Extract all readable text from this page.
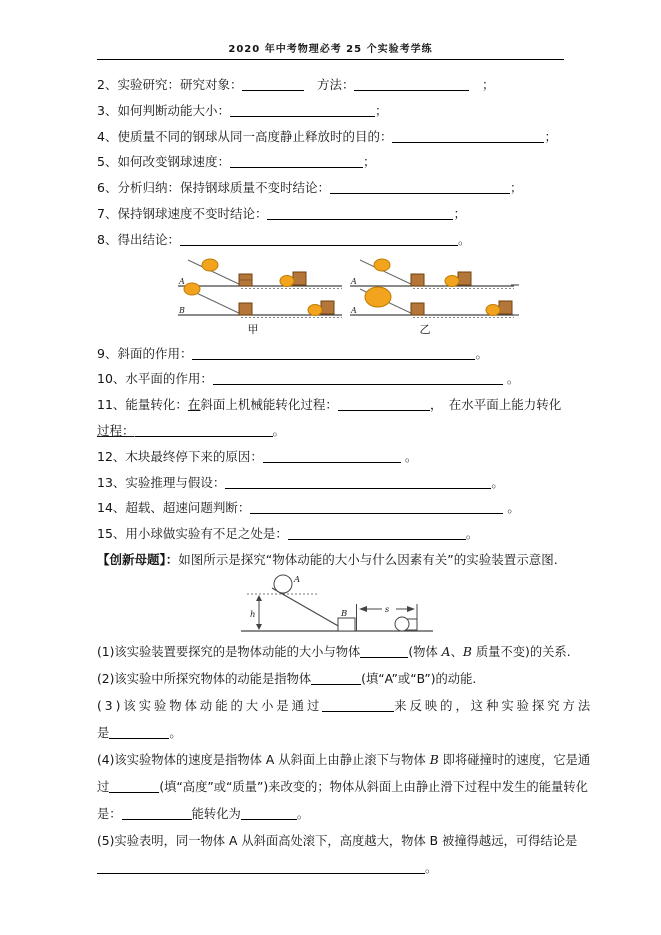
2020 年中考物理必考 25 个实验考学练

2、实验研究：研究对象：	　方法：	　；

3、如何判断动能大小：	；

4、使质量不同的钢球从同一高度静止释放时的目的：	；

5、如何改变钢球速度：	；

6、分析归纳：保持钢球质量不变时结论：	；

7、保持钢球速度不变时结论：	；

8、得出结论：	。

A
B
甲
A
A
乙

9、斜面的作用：	。

10、水平面的作用：	。

11、能量转化：在斜面上机械能转化过程：	，　在水平面上能力转化

过程：	。

12、木块最终停下来的原因：	。

13、实验推理与假设：	。

14、超载、超速问题判断：	。

15、用小球做实验有不足之处是：	。

【创新母题】：如图所示是探究“物体动能的大小与什么因素有关”的实验装置示意图.

A
h	B	s

(1)该实验装置要探究的是物体动能的大小与物体	(物体 A、B 质量不变)的关系.

(2)该实验中所探究物体的动能是指物体	(填“A”或“B”)的动能.

(3)该实验物体动能的大小是通过	来反映的，这种实验探究方法

是	。

(4)该实验物体的速度是指物体 A 从斜面上由静止滚下与物体 B 即将碰撞时的速度，它是通

过	(填“高度”或“质量”)来改变的；物体从斜面上由静止滑下过程中发生的能量转化

是：	能转化为	。

(5)实验表明，同一物体 A 从斜面高处滚下，高度越大，物体 B 被撞得越远，可得结论是

。
